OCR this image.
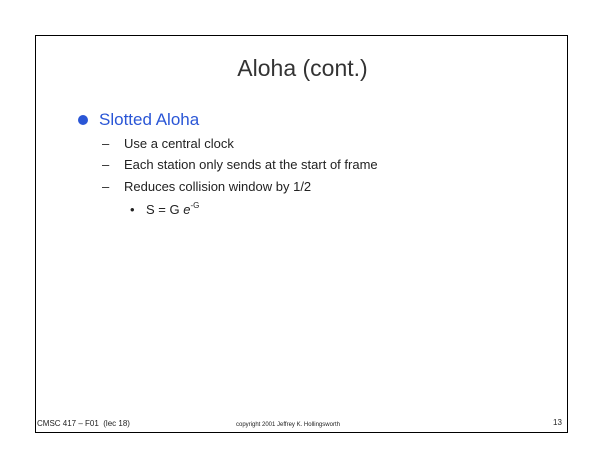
Aloha (cont.)
Slotted Aloha
–	Use a central clock
–	Each station only sends at the start of frame
–	Reduces collision window by 1/2
• S = G e -G
CMSC 417 – F01  (lec 18)	copyright 2001 Jeffrey K. Hollingsworth	13
